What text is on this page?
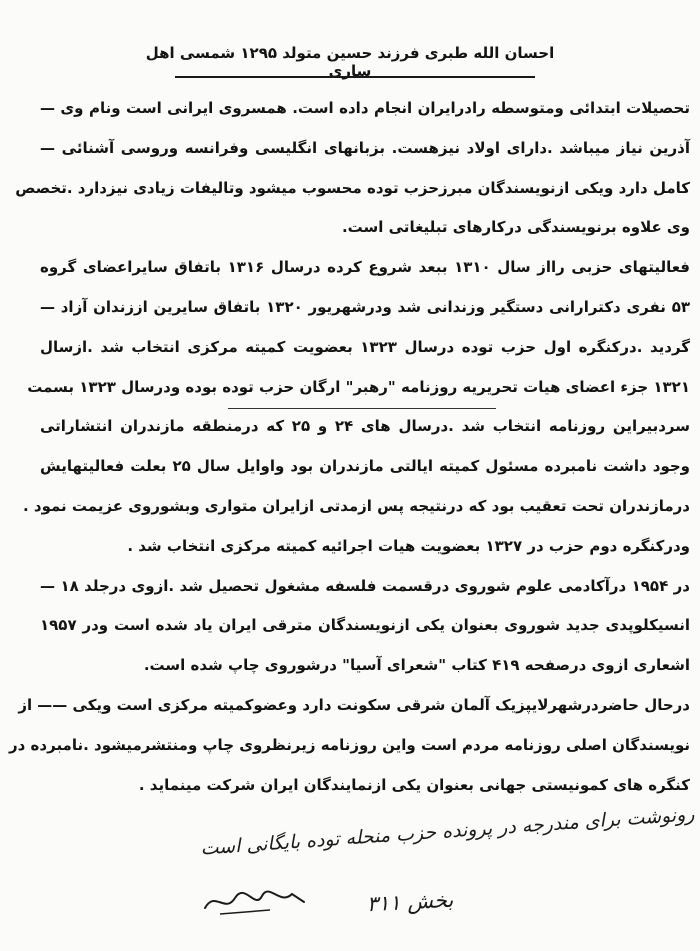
احسان الله طبری فرزند حسین متولد ۱۲۹۵ شمسی اهل ساری
تحصیلات ابتدائی ومتوسطه رادرایران انجام داده است. همسروی ایرانی است ونام وی —
آذرین نیاز میباشد .دارای اولاد نیزهست. بزبانهای انگلیسی وفرانسه وروسی آشنائی —
کامل دارد ویکی ازنویسندگان مبرزحزب توده محسوب میشود وتالیفات زیادی نیزدارد .تخصص
وی علاوه برنویسندگی درکارهای تبلیغاتی است.
فعالیتهای حزبی رااز سال ۱۳۱۰ ببعد شروع کرده درسال ۱۳۱۶ باتفاق سایراعضای گروه
۵۳ نفری دکترارانی دستگیر وزندانی شد ودرشهریور ۱۳۲۰ باتفاق سایرین اززندان آزاد —
گردید .درکنگره اول حزب توده درسال ۱۳۲۳ بعضویت کمیته مرکزی انتخاب شد .ازسال
۱۳۲۱ جزء اعضای هیات تحریریه روزنامه "رهبر" ارگان حزب توده بوده ودرسال ۱۳۲۳ بسمت
سردبیراین روزنامه انتخاب شد .درسال های ۲۴ و ۲۵ که درمنطقه مازندران انتشاراتی
وجود داشت نامبرده مسئول کمیته ایالتی مازندران بود واوایل سال ۲۵ بعلت فعالیتهایش
درمازندران تحت تعقیب بود که درنتیجه پس ازمدتی ازایران متواری وبشوروی عزیمت نمود .
ودرکنگره دوم حزب در ۱۳۲۷ بعضویت هیات اجرائیه کمیته مرکزی انتخاب شد .
در ۱۹۵۴ درآکادمی علوم شوروی درقسمت فلسفه مشغول تحصیل شد .ازوی درجلد ۱۸ —
انسیکلوپدی جدید شوروی بعنوان یکی ازنویسندگان مترقی ایران یاد شده است ودر ۱۹۵۷
اشعاری ازوی درصفحه ۴۱۹ کتاب "شعرای آسیا" درشوروی چاپ شده است.
درحال حاضردرشهرلایپزیک آلمان شرقی سکونت دارد وعضوکمیته مرکزی است ویکی —— از
نویسندگان اصلی روزنامه مردم است واین روزنامه زیرنظروی چاپ ومنتشرمیشود .نامبرده در
کنگره های کمونیستی جهانی بعنوان یکی ازنمایندگان ایران شرکت مینماید .
رونوشت برای مندرجه در پرونده حزب منحله توده بایگانی است
بخش ۳۱۱
